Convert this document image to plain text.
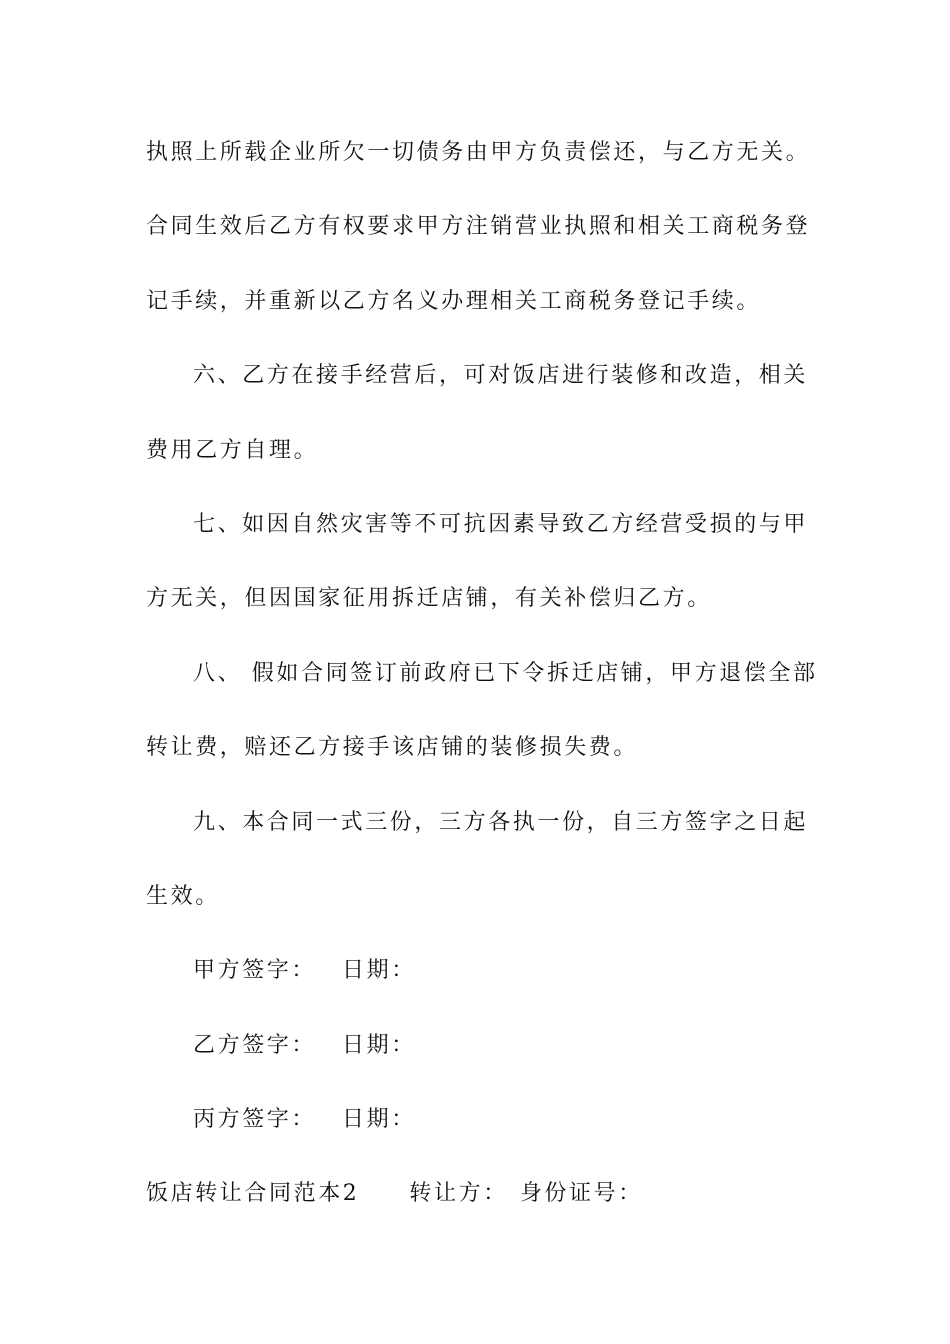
执照上所载企业所欠一切债务由甲方负责偿还，与乙方无关。
合同生效后乙方有权要求甲方注销营业执照和相关工商税务登
记手续，并重新以乙方名义办理相关工商税务登记手续。
六、乙方在接手经营后，可对饭店进行装修和改造，相关
费用乙方自理。
七、如因自然灾害等不可抗因素导致乙方经营受损的与甲
方无关，但因国家征用拆迁店铺，有关补偿归乙方。
八、 假如合同签订前政府已下令拆迁店铺，甲方退偿全部
转让费，赔还乙方接手该店铺的装修损失费。
九、本合同一式三份，三方各执一份，自三方签字之日起
生效。
甲方签字： 日期：
乙方签字： 日期：
丙方签字： 日期：
饭店转让合同范本2 转让方： 身份证号：
